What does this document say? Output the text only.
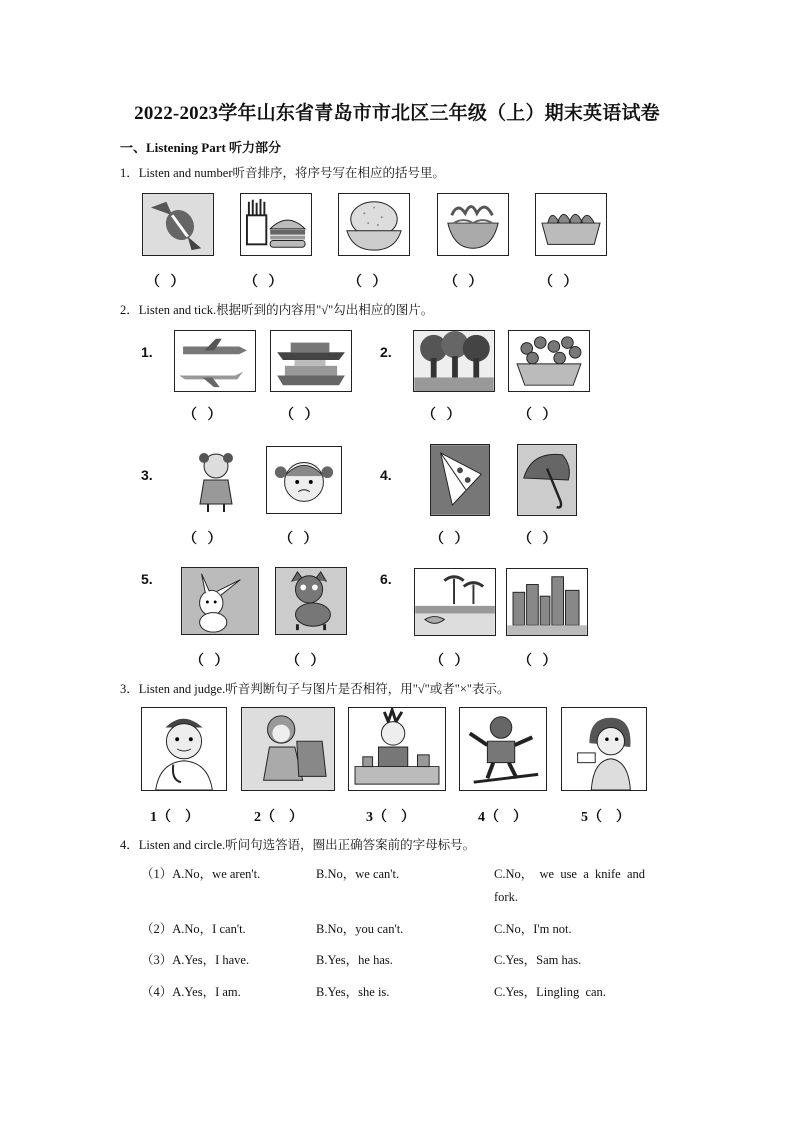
2022-2023学年山东省青岛市市北区三年级（上）期末英语试卷
一、Listening Part 听力部分
1．Listen and number听音排序，将序号写在相应的括号里。
（   ）	（   ）	（   ）	（   ）	（   ）
2．Listen and tick.根据听到的内容用"√"勾出相应的图片。
1.	2.
（   ）	（   ）	（   ）	（   ）
3.	4.
（   ）	（   ）	（   ）	（   ）
5.	6.
（   ）	（   ）	（   ）	（   ）
3．Listen and judge.听音判断句子与图片是否相符，用"√"或者"×"表示。
1（    ）	2（    ）	3（    ）	4（    ）	5（    ）
4．Listen and circle.听问句选答语，圈出正确答案前的字母标号。
（1）A.No，we aren't.	B.No，we can't.	C.No，  we  use  a  knife  and
fork.
（2）A.No，I can't.	B.No，you can't.	C.No，I'm not.
（3）A.Yes，I have.	B.Yes，he has.	C.Yes，Sam has.
（4）A.Yes，I am.	B.Yes，she is.	C.Yes，Lingling  can.
